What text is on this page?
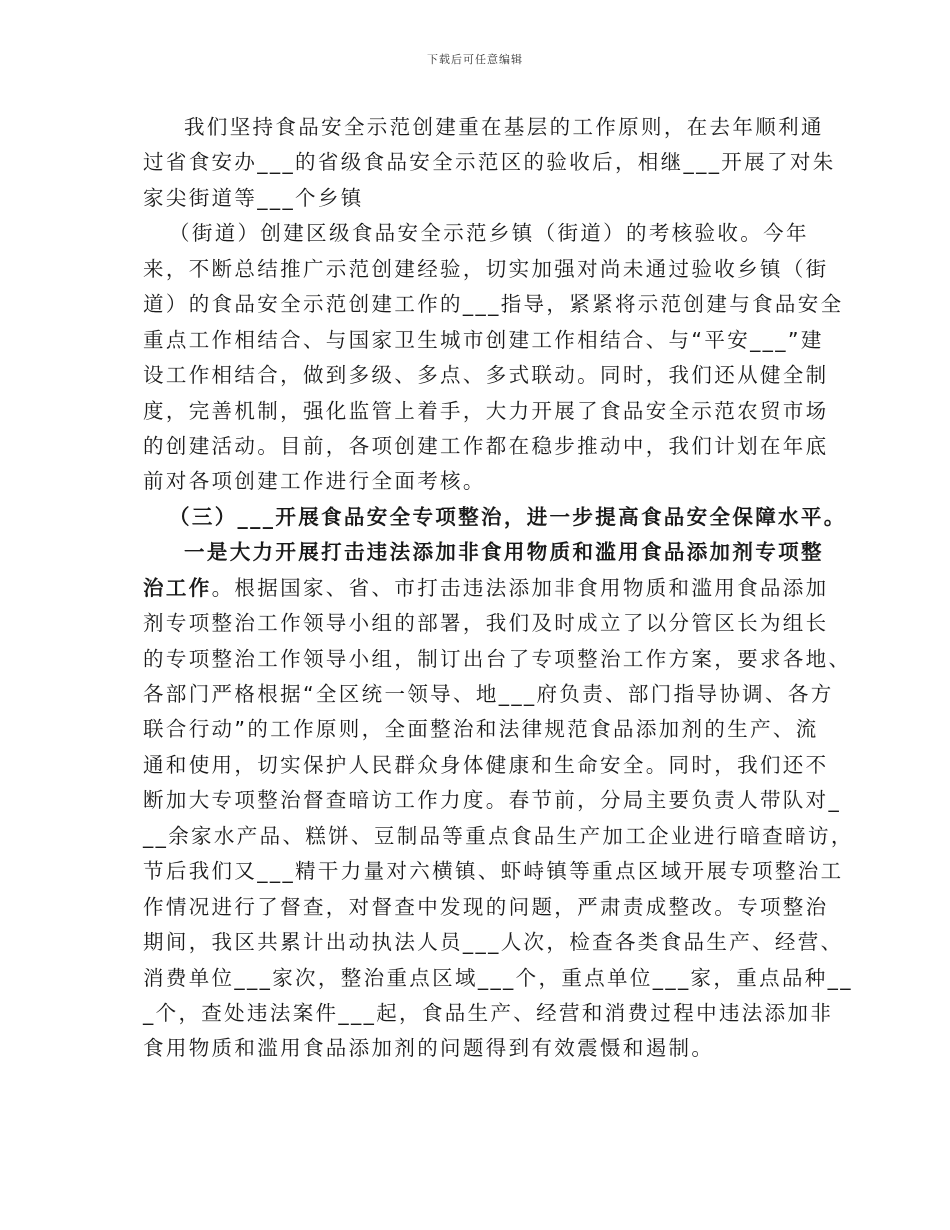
下载后可任意编辑
我们坚持食品安全示范创建重在基层的工作原则，在去年顺利通
过省食安办___的省级食品安全示范区的验收后，相继___开展了对朱
家尖街道等___个乡镇
（街道）创建区级食品安全示范乡镇（街道）的考核验收。今年
来，不断总结推广示范创建经验，切实加强对尚未通过验收乡镇（街
道）的食品安全示范创建工作的___指导，紧紧将示范创建与食品安全
重点工作相结合、与国家卫生城市创建工作相结合、与“平安___”建
设工作相结合，做到多级、多点、多式联动。同时，我们还从健全制
度，完善机制，强化监管上着手，大力开展了食品安全示范农贸市场
的创建活动。目前，各项创建工作都在稳步推动中，我们计划在年底
前对各项创建工作进行全面考核。
（三）___开展食品安全专项整治，进一步提高食品安全保障水平。
一是大力开展打击违法添加非食用物质和滥用食品添加剂专项整
治工作。根据国家、省、市打击违法添加非食用物质和滥用食品添加
剂专项整治工作领导小组的部署，我们及时成立了以分管区长为组长
的专项整治工作领导小组，制订出台了专项整治工作方案，要求各地、
各部门严格根据“全区统一领导、地___府负责、部门指导协调、各方
联合行动”的工作原则，全面整治和法律规范食品添加剂的生产、流
通和使用，切实保护人民群众身体健康和生命安全。同时，我们还不
断加大专项整治督查暗访工作力度。春节前，分局主要负责人带队对_
__余家水产品、糕饼、豆制品等重点食品生产加工企业进行暗查暗访，
节后我们又___精干力量对六横镇、虾峙镇等重点区域开展专项整治工
作情况进行了督查，对督查中发现的问题，严肃责成整改。专项整治
期间，我区共累计出动执法人员___人次，检查各类食品生产、经营、
消费单位___家次，整治重点区域___个，重点单位___家，重点品种__
_个，查处违法案件___起，食品生产、经营和消费过程中违法添加非
食用物质和滥用食品添加剂的问题得到有效震慑和遏制。
